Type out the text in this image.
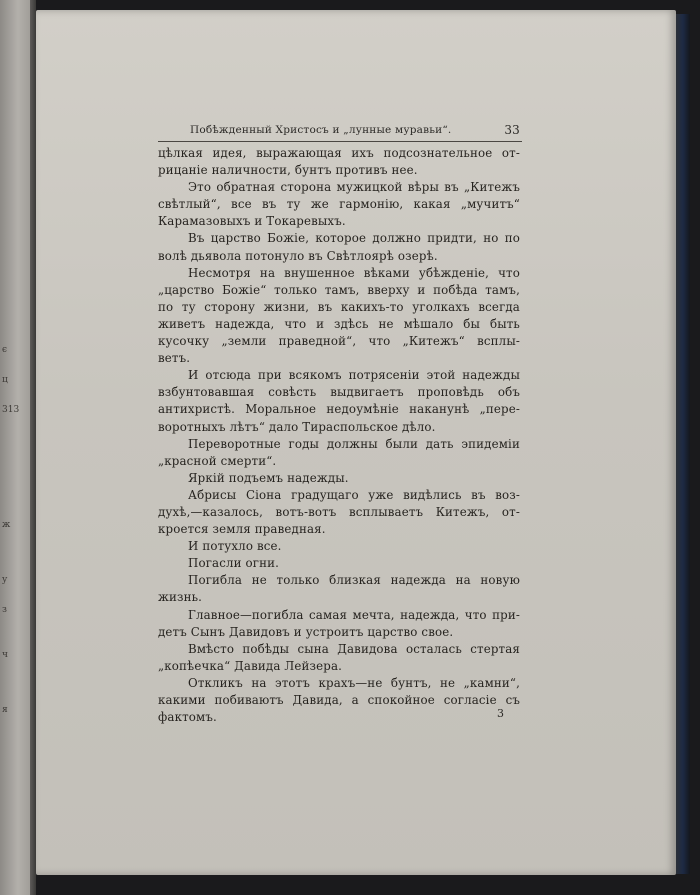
є
ц
313
ж
у
з
ч
я
Побѣжденный Христосъ и „лунные муравьи“.	33
цѣлкая идея, выражающая ихъ подсознательное от-
рицаніе наличности, бунтъ противъ нее.
Это обратная сторона мужицкой вѣры въ „Китежъ
свѣтлый“, все въ ту же гармонію, какая „мучитъ“
Карамазовыхъ и Токаревыхъ.
Въ царство Божіе, которое должно придти, но по
волѣ дьявола потонуло въ Свѣтлоярѣ озерѣ.
Несмотря на внушенное вѣками убѣжденіе, что
„царство Божіе“ только тамъ, вверху и побѣда тамъ,
по ту сторону жизни, въ какихъ-то уголкахъ всегда
живетъ надежда, что и здѣсь не мѣшало бы быть
кусочку „земли праведной“, что „Китежъ“ всплы-
ветъ.
И отсюда при всякомъ потрясеніи этой надежды
взбунтовавшая совѣсть выдвигаетъ проповѣдь объ
антихристѣ. Моральное недоумѣніе наканунѣ „пере-
воротныхъ лѣтъ“ дало Тираспольское дѣло.
Переворотные годы должны были дать эпидеміи
„красной смерти“.
Яркій подъемъ надежды.
Абрисы Сіона градущаго уже видѣлись въ воз-
духѣ,—казалось, вотъ-вотъ всплываетъ Китежъ, от-
кроется земля праведная.
И потухло все.
Погасли огни.
Погибла не только близкая надежда на новую
жизнь.
Главное—погибла самая мечта, надежда, что при-
детъ Сынъ Давидовъ и устроитъ царство свое.
Вмѣсто побѣды сына Давидова осталась стертая
„копѣечка“ Давида Лейзера.
Откликъ на этотъ крахъ—не бунтъ, не „камни“,
какими побиваютъ Давида, а спокойное согласіе съ
фактомъ.	3
